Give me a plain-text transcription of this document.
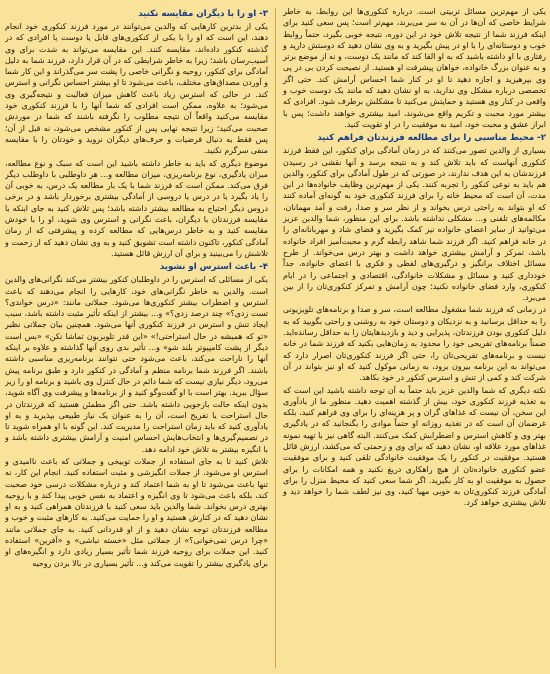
یکی از مهم‌ترین مسائل تربیتی است. درباره کنکوری‌ها این روابط، به خاطر شرایط خاصی که آن‌ها در آن به سر می‌برند، مهم‌تر است؛ پس سعی کنید برای اینکه فرزند شما از نتیجه تلاش خود در این دوره، نتیجه خوبی بگیرد، حتماً روابط خوب و دوستانه‌ای را با او در پیش بگیرید و به وی نشان دهید که دوستش دارید و رفتاری با او داشته باشید که به او القا کند که مانند یک دوست، و نه از موضع برتر و به عنوان بزرگ خانواده، خواهان پیشرفت او هستید. از نصیحت کردن بی در پی وی بپرهیزید و اجازه دهید تا او در کنار شما احساس آرامش کند. حتی اگر تخصصی درباره مشکل وی ندارید، به او نشان دهید که مانند یک دوست خوب و واقعی در کنار وی هستید و حمایتش می‌کنید تا مشکلش برطرف شود. افرادی که بیشتر مورد محبت و تکریم واقع می‌شوند، امید بیشتری خواهند داشت؛ پس با ابراز عشق و محبت خود، امید به موفقیت را در او تقویت کنید.

۲- محیط مناسبی را برای مطالعه فرزندتان فراهم کنید

بسیاری از والدین تصور می‌کنند که در زمان آمادگی برای کنکور، این فقط فرزند کنکوری آنهاست که باید تلاش کند و به نتیجه برسد و آنها نقشی در رسیدن فرزندشان به این هدف ندارند، در صورتی که در طول آمادگی برای کنکور، والدین هم باید به نوعی کنکور را تجربه کنند. یکی از مهم‌ترین وظایف خانواده‌ها در این مدت، آن است که محیط خانه را برای فرزند کنکوری خود به گونه‌ای آماده کنند که او بتواند به راحتی درس بخواند و از نظر سر و صدا، رفت و آمد مهمانان، مکالمه‌های تلفنی و... مشکلی نداشته باشد. برای این منظور، شما والدین عزیز می‌توانید از سایر اعضای خانواده نیز کمک بگیرید و فضای شاد و مهربانانه‌ای را در خانه فراهم کنید. اگر فرزند شما شاهد رابطه گرم و محبت‌آمیز افراد خانواده باشد، تمرکز و آرامش بیشتری خواهد داشت و بهتر درس می‌خواند. از طرح مسائل اختلاف برانگیز و درگیری‌های لفظی و فکری با اعضای خانواده، جداً خودداری کنید و مسائل و مشکلات خانوادگی، اقتصادی و اجتماعی را در ایام کنکوری، وارد فضای خانواده نکنید؛ چون آرامش و تمرکز کنکوری‌تان را از بین می‌برد.

در زمانی که فرزند شما مشغول مطالعه است، سر و صدا و برنامه‌های تلویزیونی را به حداقل برسانید و به نزدیکان و دوستان خود به روشنی و راحتی بگویید که به دلیل کنکوری بودن فرزندتان، پذیرایی و دید و بازدیدهایتان را به حداقل رسانده‌اید. ضمناً برنامه‌های تفریحی خود را محدود به زمان‌هایی بکنید که فرزند شما در خانه نیست و برنامه‌های تفریحی‌تان را، حتی اگر فرزند کنکوری‌تان اصرار دارد که می‌تواند به این برنامه بیرون برود، به زمانی موکول کنید که او نیز بتواند در آن شرکت کند و کمی از تنش و استرس کنکور در خود بکاهد.

نکته دیگری که شما والدین عزیز باید حتماً به آن توجه داشته باشید این است که به تغذیه فرزند کنکوری خود، بیش از گذشته اهمیت دهید. منظور ما از یادآوری این سخن، آن نیست که غذاهای گران و پر هزینه‌ای را برای وی فراهم کنید، بلکه غرضمان آن است که در تغذیه روزانه او حتماً موادی را بگنجانید که در یادگیری بهتر وی و کاهش استرس و اضطرابش کمک می‌کنند. البته گاهی نیز با تهیه نمونه غذاهای مورد علاقه او، نشان دهید که برای وی و زحمتی که می‌کشد، ارزش قائل هستید. موفقیت در کنکور را یک موفقیت خانوادگی تلقی کنید و برای موفقیت عضو کنکوری خانواده‌تان از هیچ راهکاری دریغ نکنید و همه امکانات را برای حصول به موفقیت او به کار بگیرید. اگر شما سعی کنید که محیط منزل را برای آمادگی فرزند کنکوری‌تان به خوبی مهیا کنید، وی نیز لطف شما را خواهد دید و تلاش بیشتری خواهد کرد.

۳- او را با دیگران مقایسه نکنید

یکی از بدترین کارهایی که والدین می‌توانند در مورد فرزند کنکوری خود انجام دهند، این است که او را با یکی از کنکوری‌های قابل یا دوست یا افرادی که در گذشته کنکور داده‌اند، مقایسه کنند. این مقایسه می‌تواند به شدت برای وی آسیب‌رسان باشد؛ زیرا به خاطر شرایطی که در آن قرار دارد، فرزند شما به دلیل آمادگی برای کنکور، روحیه و نگرانی خاصی را پشت سر می‌گذراند و این کار شما و آوردن مصداق‌های مختلف، باعث می‌شود تا او بیشتر احساس نگرانی و استرس کند. در حالی که استرس زیاد باعث کاهش میزان فعالیت و نتیجه‌گیری وی می‌شود؛ به علاوه، ممکن است افرادی که شما آنها را با فرزند کنکوری خود مقایسه می‌کنید واقعاً آن نتیجه مطلوب را نگرفته باشند که شما در موردش صحبت می‌کنید؛ زیرا نتیجه نهایی پس از کنکور مشخص می‌شود، نه قبل از آن؛ پس فقط به دنبال فرضیات و حرف‌های دیگران نروید و خودتان را با مقایسه منفی سرگرم نکنید.

موضوع دیگری که باید به خاطر داشته باشید این است که سبک و نوع مطالعه، میزان یادگیری، نوع برنامه‌ریزی، میزان مطالعه و... هر داوطلبی با داوطلب دیگر فرق می‌کند. ممکن است که فرزند شما با یک بار مطالعه یک درس، به خوبی آن را یاد بگیرد یا در درس یا دروسی از آمادگی بیشتری برخوردار باشد و در برخی دروس دیگر احتیاج به مطالعه بیشتر داشته باشد؛ پس تلاش کنید به جای اینکه با مقایسه فرزندتان با دیگران، باعث نگرانی و استرس وی شوید، او را با خودش مقایسه کنید و به خاطر درس‌هایی که مطالعه کرده و پیشرفتی که از زمان آمادگی کنکور، تاکنون داشته است تشویق کنید و به وی نشان دهید که از زحمت و تلاشش را می‌بینید و برای آن ارزش قائل هستید.

۴- باعث استرس او نشوید

یکی از مسائلی که استرس را در داوطلبان کنکور بیشتر می‌کند نگرانی‌های والدین است. والدین به خاطر نگرانی‌های خود، کارهایی را انجام می‌دهند که باعث استرس و اضطراب بیشتر کنکوری‌ها می‌شود. جملاتی مانند: «درس خواندی؟ تست زدی؟» چند درصد زدی؟» و... بیشتر از اینکه تأثیر مثبت داشته باشد، سبب ایجاد تنش و استرس در فرزند کنکوری آنها می‌شود. همچنین بیان جملاتی نظیر «تو که همیشه در حال استراحتی!» «این قدر تلویزیون تماشا نکن» «بس است دیگر از پشت کامپیوتر بلند شو» و... تأثیر بدی روی آنها گذاشته و علاوه بر اینکه آنها را ناراحت می‌کند، باعث می‌شود حتی نتوانند برنامه‌ریزی مناسبی داشته باشند. اگر فرزند شما برنامه منظم و آمادگی در کنکور دارد و طبق برنامه پیش می‌رود، دیگر نیازی نیست که شما دائم در حال کنترل وی باشید و برنامه او را زیر سؤال ببرید. بهتر است با او گفت‌وگو کنید و از برنامه‌ها و پیشرفت وی آگاه شوید، بدون اینکه حالت بازجویی داشته باشد. حتی اگر مطمئن هستید که فرزندتان در حال استراحت یا تفریح است، آن را به عنوان یک نیاز طبیعی بپذیرید و به او یادآوری کنید که باید زمان استراحت را مدیریت کند. این گونه با او همراه شوید تا در تصمیم‌گیری‌ها و انتخاب‌هایش احساس امنیت و آرامش بیشتری داشته باشد و با انگیزه بیشتر به تلاش خود ادامه دهد.

تلاش کنید تا به جای استفاده از جملات توبیخی و جملاتی که باعث ناامیدی و استرس او می‌شود، از جملات انگیزشی و مثبت استفاده کنید. انجام این کار، نه تنها باعث می‌شود تا او به شما اعتماد کند و درباره مشکلات درسی خود صحبت کند، بلکه باعث می‌شود تا وی انگیزه و اعتماد به نفس خوبی پیدا کند و با روحیه بهتری درس بخواند. شما والدین باید سعی کنید با فرزندتان همراهی کنید و به او نشان دهید که در کنارش هستید و او را حمایت می‌کنید. به کارهای مثبت و خوب و مطالعه فرزندتان توجه نشان دهید و از او قدردانی کنید. به جای جملاتی مانند «چرا درس نمی‌خوانی؟» از جملاتی مثل «خسته نباشی» و «آفرین» استفاده کنید. این جملات برای روحیه فرزند شما تأثیر بسیار زیادی دارد و انگیزه‌های او برای یادگیری بیشتر را تقویت می‌کند و... تأثیر بسیاری در بالا بردن روحیه
